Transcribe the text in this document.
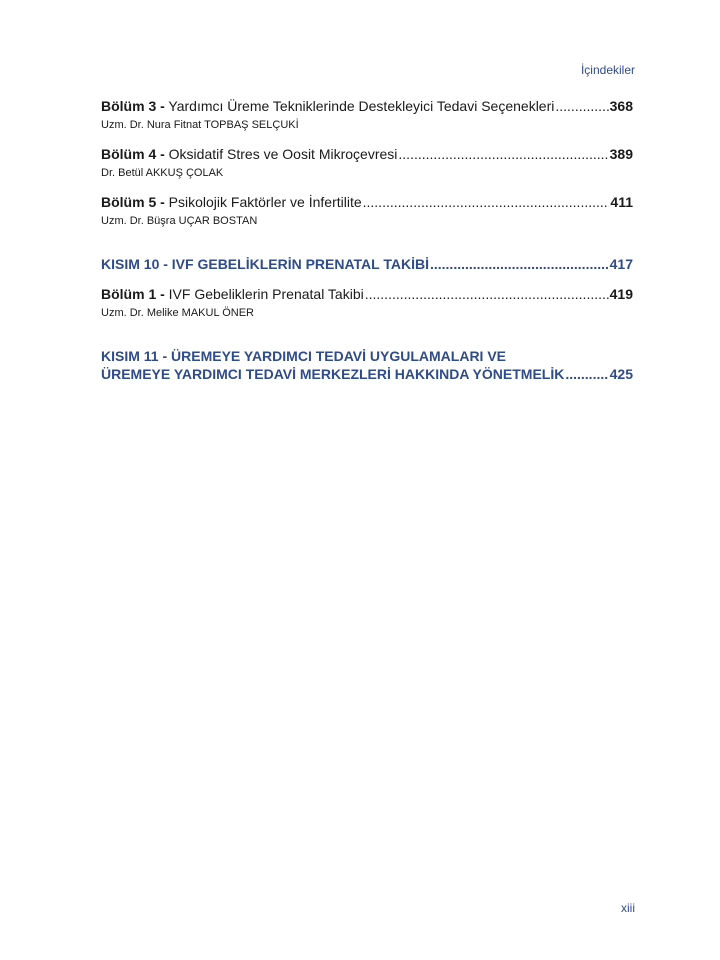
İçindekiler
Bölüm 3 - Yardımcı Üreme Tekniklerinde Destekleyici Tedavi Seçenekleri .....	368
Uzm. Dr. Nura Fitnat TOPBAŞ SELÇUKİ
Bölüm 4 - Oksidatif Stres ve Oosit Mikroçevresi .....	389
Dr. Betül AKKUŞ ÇOLAK
Bölüm 5 - Psikolojik Faktörler ve İnfertilite .....	411
Uzm. Dr. Büşra UÇAR BOSTAN
KISIM 10 - IVF GEBELİKLERİN PRENATAL TAKİBİ .....	417
Bölüm 1 - IVF Gebeliklerin Prenatal Takibi .....	419
Uzm. Dr. Melike MAKUL ÖNER
KISIM 11 - ÜREMEYE YARDIMCI TEDAVİ UYGULAMALARI VE
ÜREMEYE YARDIMCI TEDAVİ MERKEZLERİ HAKKINDA YÖNETMELİK .....	425
xiii
